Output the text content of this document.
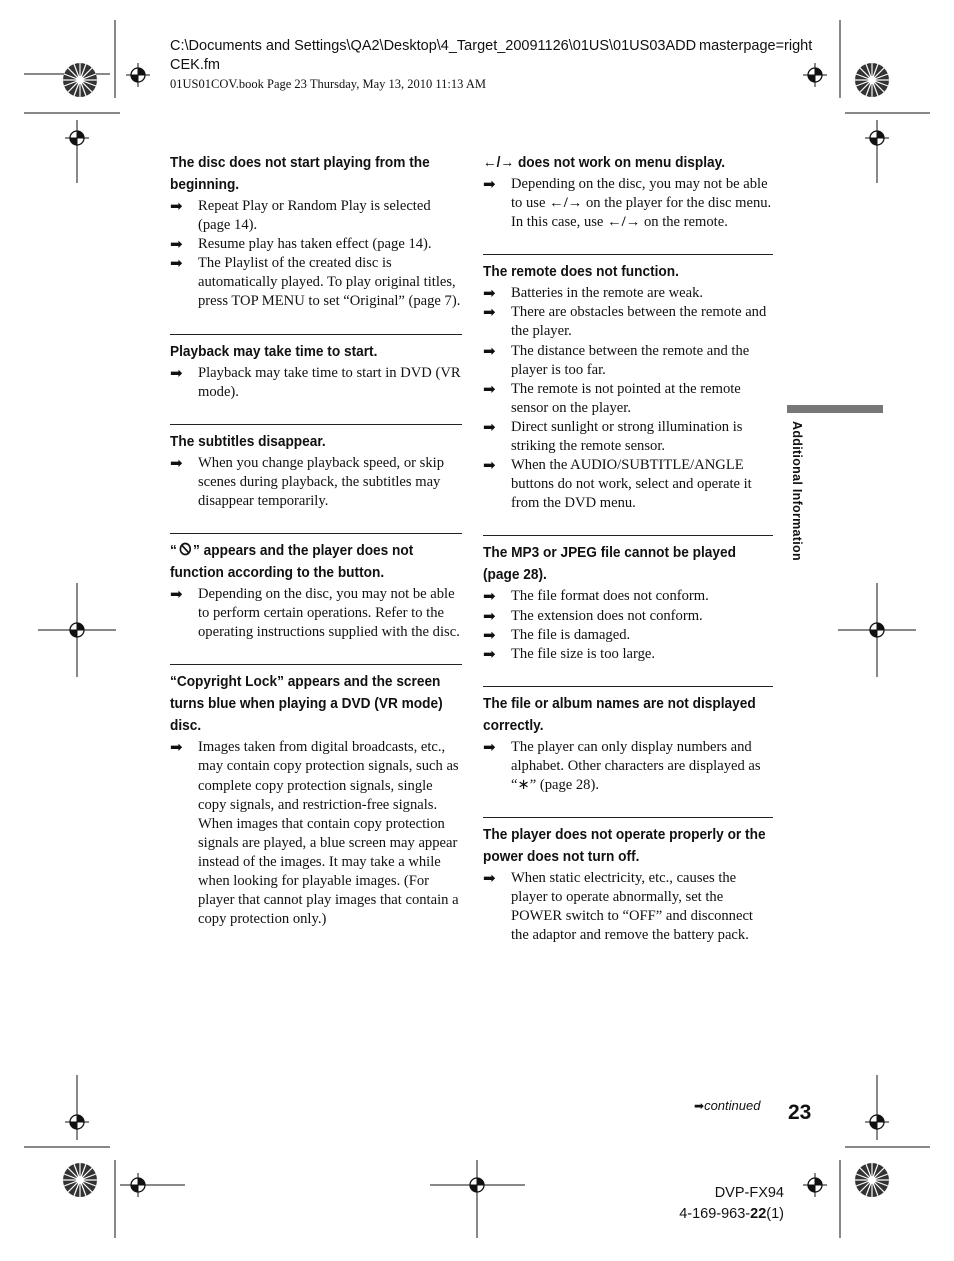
C:\Documents and Settings\QA2\Desktop\4_Target_20091126\01US\01US03ADD masterpage=right
CEK.fm
01US01COV.book Page 23 Thursday, May 13, 2010 11:13 AM
The disc does not start playing from the beginning.
➡ Repeat Play or Random Play is selected (page 14).
➡ Resume play has taken effect (page 14).
➡ The Playlist of the created disc is automatically played. To play original titles, press TOP MENU to set “Original” (page 7).
Playback may take time to start.
➡ Playback may take time to start in DVD (VR mode).
The subtitles disappear.
➡ When you change playback speed, or skip scenes during playback, the subtitles may disappear temporarily.
“ ” appears and the player does not function according to the button.
➡ Depending on the disc, you may not be able to perform certain operations. Refer to the operating instructions supplied with the disc.
“Copyright Lock” appears and the screen turns blue when playing a DVD (VR mode) disc.
➡ Images taken from digital broadcasts, etc., may contain copy protection signals, such as complete copy protection signals, single copy signals, and restriction-free signals. When images that contain copy protection signals are played, a blue screen may appear instead of the images. It may take a while when looking for playable images. (For player that cannot play images that contain a copy protection only.)
←/→ does not work on menu display.
➡ Depending on the disc, you may not be able to use ←/→ on the player for the disc menu. In this case, use ←/→ on the remote.
The remote does not function.
➡ Batteries in the remote are weak.
➡ There are obstacles between the remote and the player.
➡ The distance between the remote and the player is too far.
➡ The remote is not pointed at the remote sensor on the player.
➡ Direct sunlight or strong illumination is striking the remote sensor.
➡ When the AUDIO/SUBTITLE/ANGLE buttons do not work, select and operate it from the DVD menu.
The MP3 or JPEG file cannot be played (page 28).
➡ The file format does not conform.
➡ The extension does not conform.
➡ The file is damaged.
➡ The file size is too large.
The file or album names are not displayed correctly.
➡ The player can only display numbers and alphabet. Other characters are displayed as “∗” (page 28).
The player does not operate properly or the power does not turn off.
➡ When static electricity, etc., causes the player to operate abnormally, set the POWER switch to “OFF” and disconnect the adaptor and remove the battery pack.
Additional Information
➡continued 23
DVP-FX94
4-169-963-22(1)
